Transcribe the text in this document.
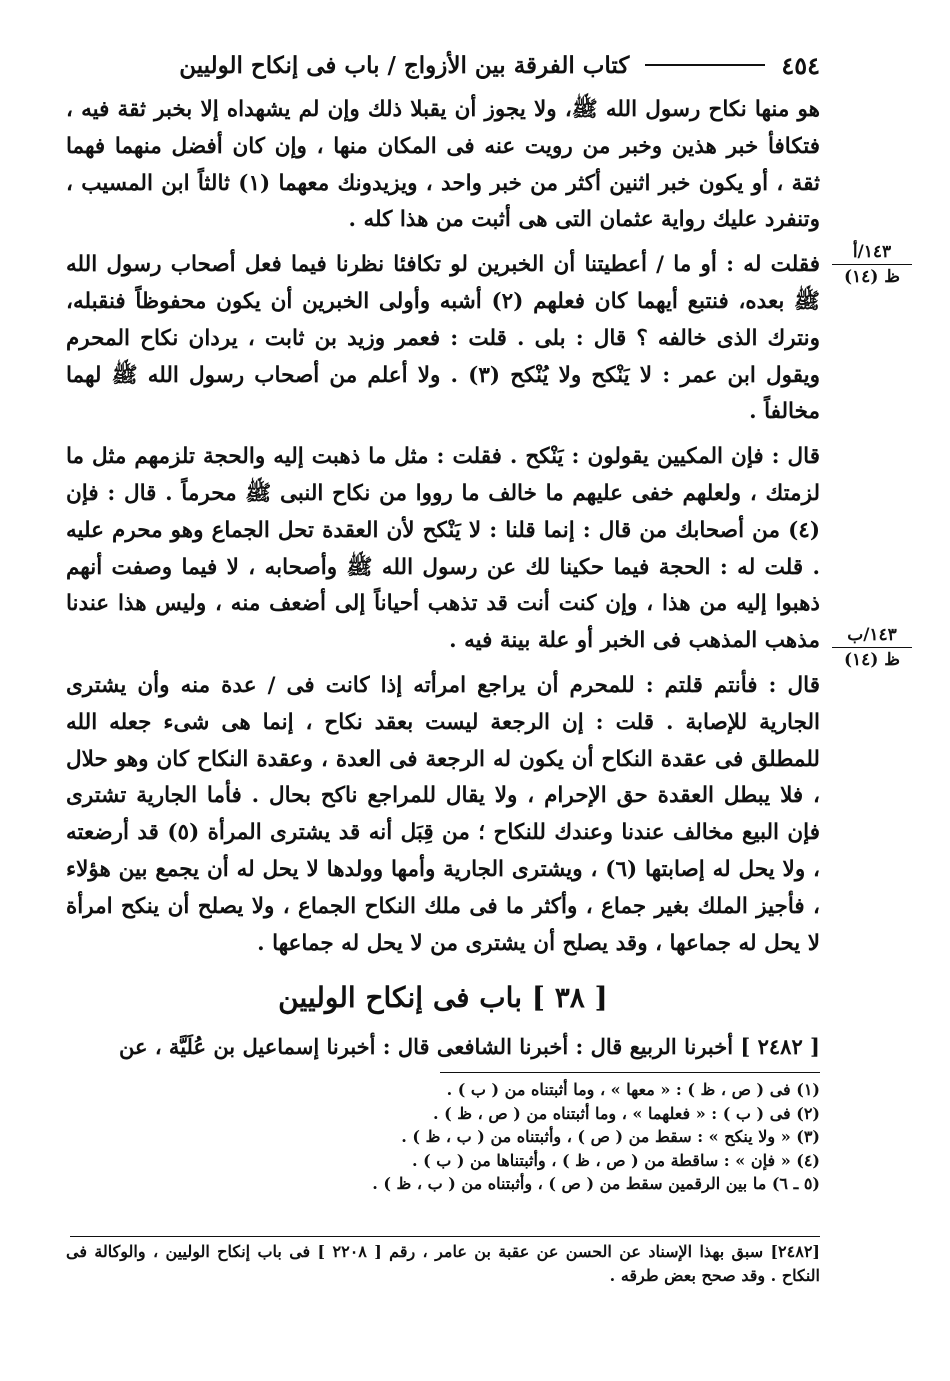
٤٥٤
كتاب الفرقة بين الأزواج / باب فى إنكاح الوليين

هو منها نكاح رسول الله ﷺ، ولا يجوز أن يقبلا ذلك وإن لم يشهداه إلا بخبر ثقة فيه ، فتكافأ خبر هذين وخبر من رويت عنه فى المكان منها ، وإن كان أفضل منهما فهما ثقة ، أو يكون خبر اثنين أكثر من خبر واحد ، ويزيدونك معهما (١) ثالثاً ابن المسيب ، وتنفرد عليك رواية عثمان التى هى أثبت من هذا كله .

فقلت له : أو ما / أعطيتنا أن الخبرين لو تكافئا نظرنا فيما فعل أصحاب رسول الله ﷺ بعده، فنتبع أيهما كان فعلهم (٢) أشبه وأولى الخبرين أن يكون محفوظاً فنقبله، ونترك الذى خالفه ؟ قال : بلى . قلت : فعمر وزيد بن ثابت ، يردان نكاح المحرم ويقول ابن عمر : لا يَنْكح ولا يُنْكح (٣) . ولا أعلم من أصحاب رسول الله ﷺ لهما مخالفاً .

قال : فإن المكيين يقولون : يَنْكح . فقلت : مثل ما ذهبت إليه والحجة تلزمهم مثل ما لزمتك ، ولعلهم خفى عليهم ما خالف ما رووا من نكاح النبى ﷺ محرماً . قال : فإن (٤) من أصحابك من قال : إنما قلنا : لا يَنْكح لأن العقدة تحل الجماع وهو محرم عليه . قلت له : الحجة فيما حكينا لك عن رسول الله ﷺ وأصحابه ، لا فيما وصفت أنهم ذهبوا إليه من هذا ، وإن كنت أنت قد تذهب أحياناً إلى أضعف منه ، وليس هذا عندنا مذهب المذهب فى الخبر أو علة بينة فيه .

قال : فأنتم قلتم : للمحرم أن يراجع امرأته إذا كانت فى / عدة منه وأن يشترى الجارية للإصابة . قلت : إن الرجعة ليست بعقد نكاح ، إنما هى شىء جعله الله للمطلق فى عقدة النكاح أن يكون له الرجعة فى العدة ، وعقدة النكاح كان وهو حلال ، فلا يبطل العقدة حق الإحرام ، ولا يقال للمراجع ناكح بحال . فأما الجارية تشترى فإن البيع مخالف عندنا وعندك للنكاح ؛ من قِبَل أنه قد يشترى المرأة (٥) قد أرضعته ، ولا يحل له إصابتها (٦) ، ويشترى الجارية وأمها وولدها لا يحل له أن يجمع بين هؤلاء ، فأجيز الملك بغير جماع ، وأكثر ما فى ملك النكاح الجماع ، ولا يصلح أن ينكح امرأة لا يحل له جماعها ، وقد يصلح أن يشترى من لا يحل له جماعها .

١٤٣/أ
ظ (١٤)
١٤٣/ب
ظ (١٤)
[ ٣٨ ] باب فى إنكاح الوليين
[ ٢٤٨٢ ] أخبرنا الربيع قال : أخبرنا الشافعى قال : أخبرنا إسماعيل بن عُلَيَّة ، عن
(١) فى ( ص ، ظ ) : « معها » ، وما أثبتناه من ( ب ) .
(٢) فى ( ب ) : « فعلهما » ، وما أثبتناه من ( ص ، ظ ) .
(٣) « ولا ينكح » : سقط من ( ص ) ، وأثبتناه من ( ب ، ظ ) .
(٤) « فإن » : ساقطة من ( ص ، ظ ) ، وأثبتناها من ( ب ) .
(٥ ـ ٦) ما بين الرقمين سقط من ( ص ) ، وأثبتناه من ( ب ، ظ ) .
[٢٤٨٢] سبق بهذا الإسناد عن الحسن عن عقبة بن عامر ، رقم [ ٢٢٠٨ ] فى باب إنكاح الوليين ، والوكالة فى النكاح . وقد صحح بعض طرقه .
